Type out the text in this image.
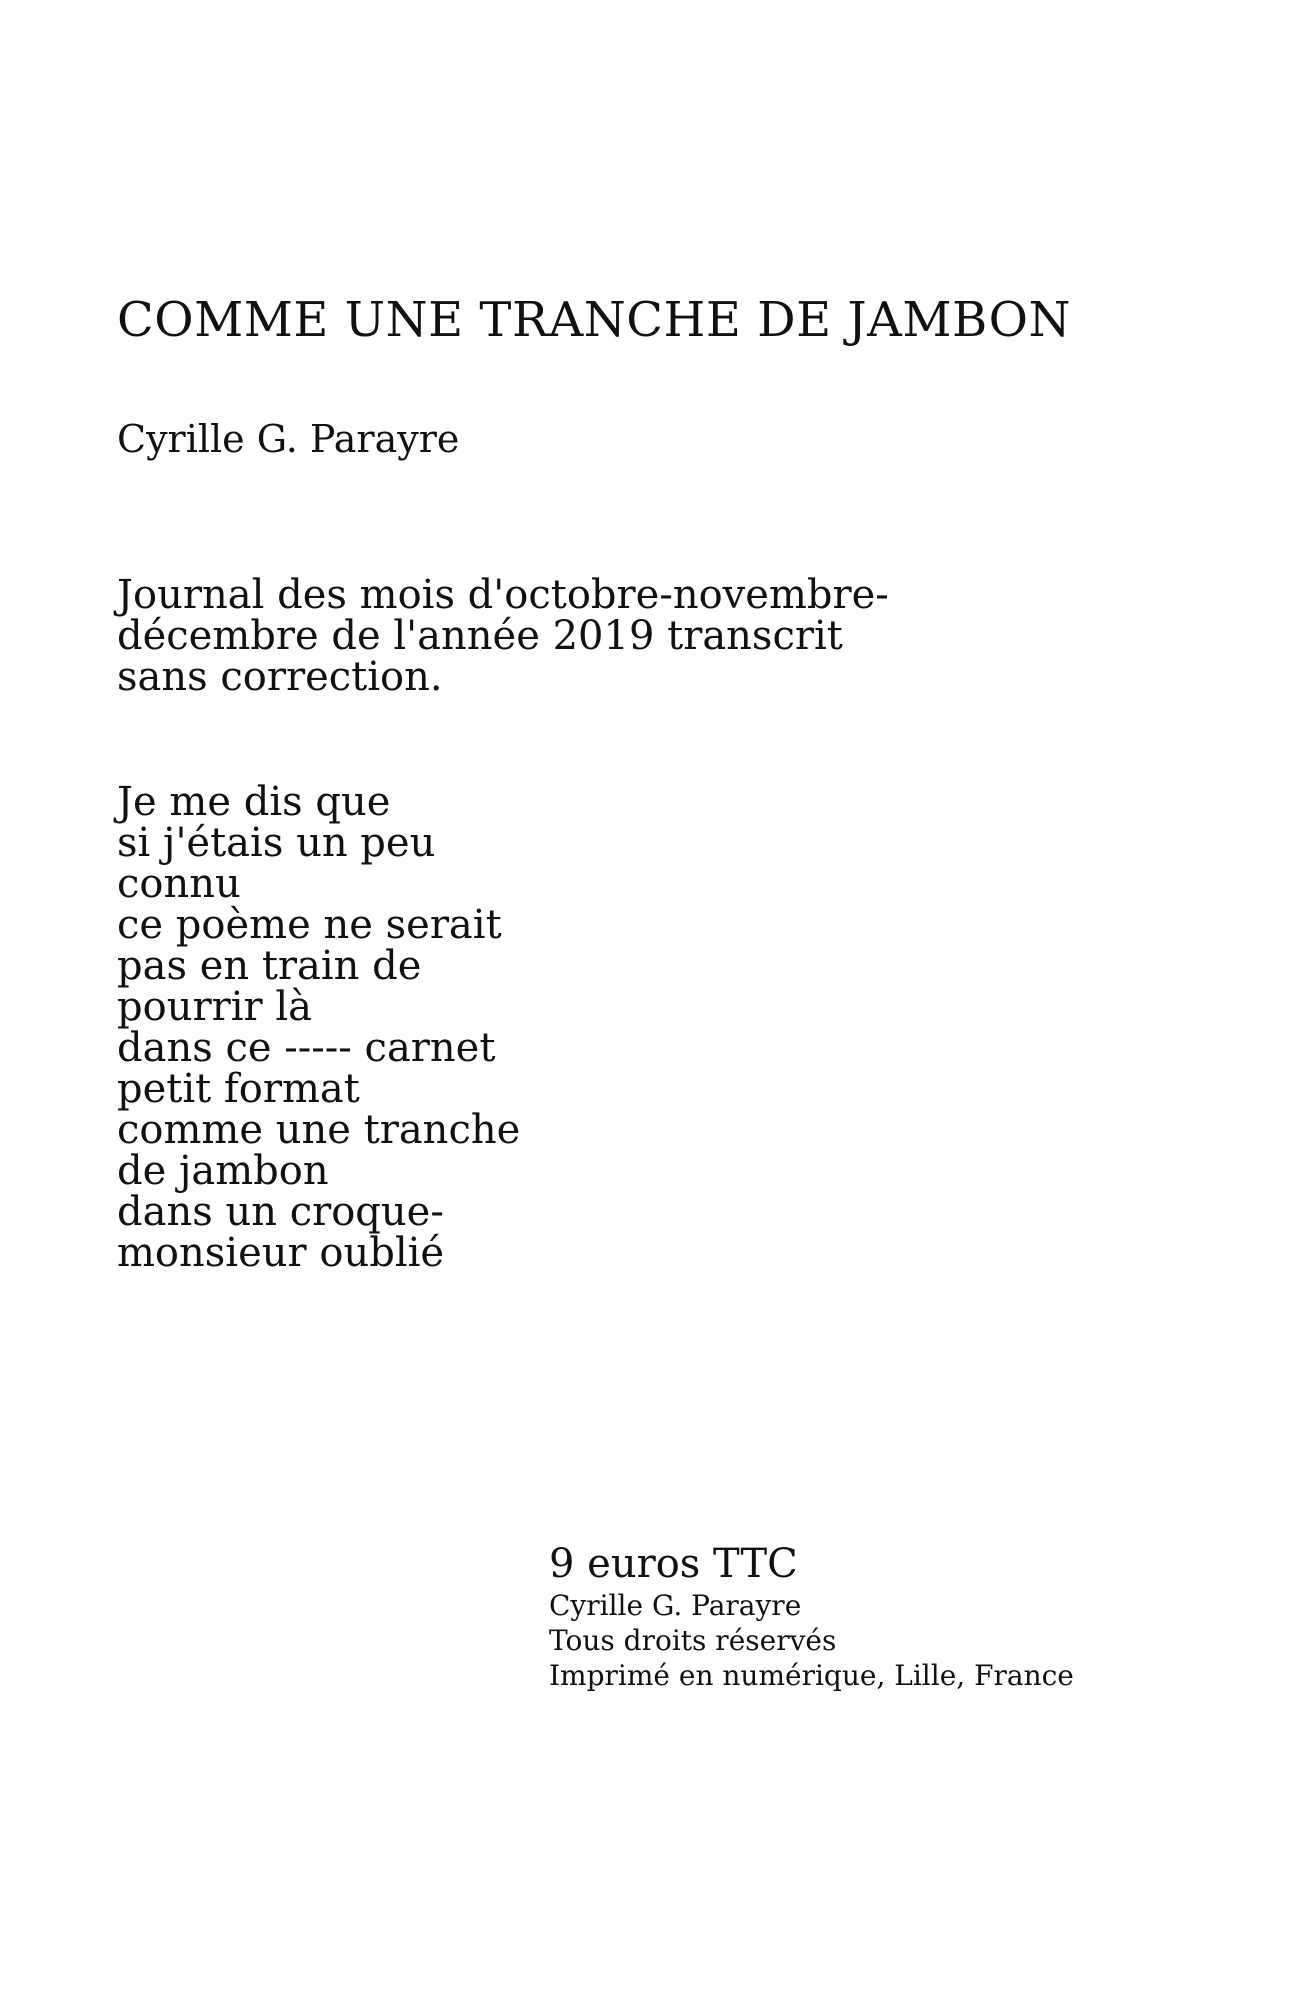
COMME UNE TRANCHE DE JAMBON
Cyrille G. Parayre
Journal des mois d'octobre-novembre-
décembre de l'année 2019 transcrit
sans correction.
Je me dis que
si j'étais un peu
connu
ce poème ne serait
pas en train de
pourrir là
dans ce ----- carnet
petit format
comme une tranche
de jambon
dans un croque-
monsieur oublié
9 euros TTC
Cyrille G. Parayre
Tous droits réservés
Imprimé en numérique, Lille, France
